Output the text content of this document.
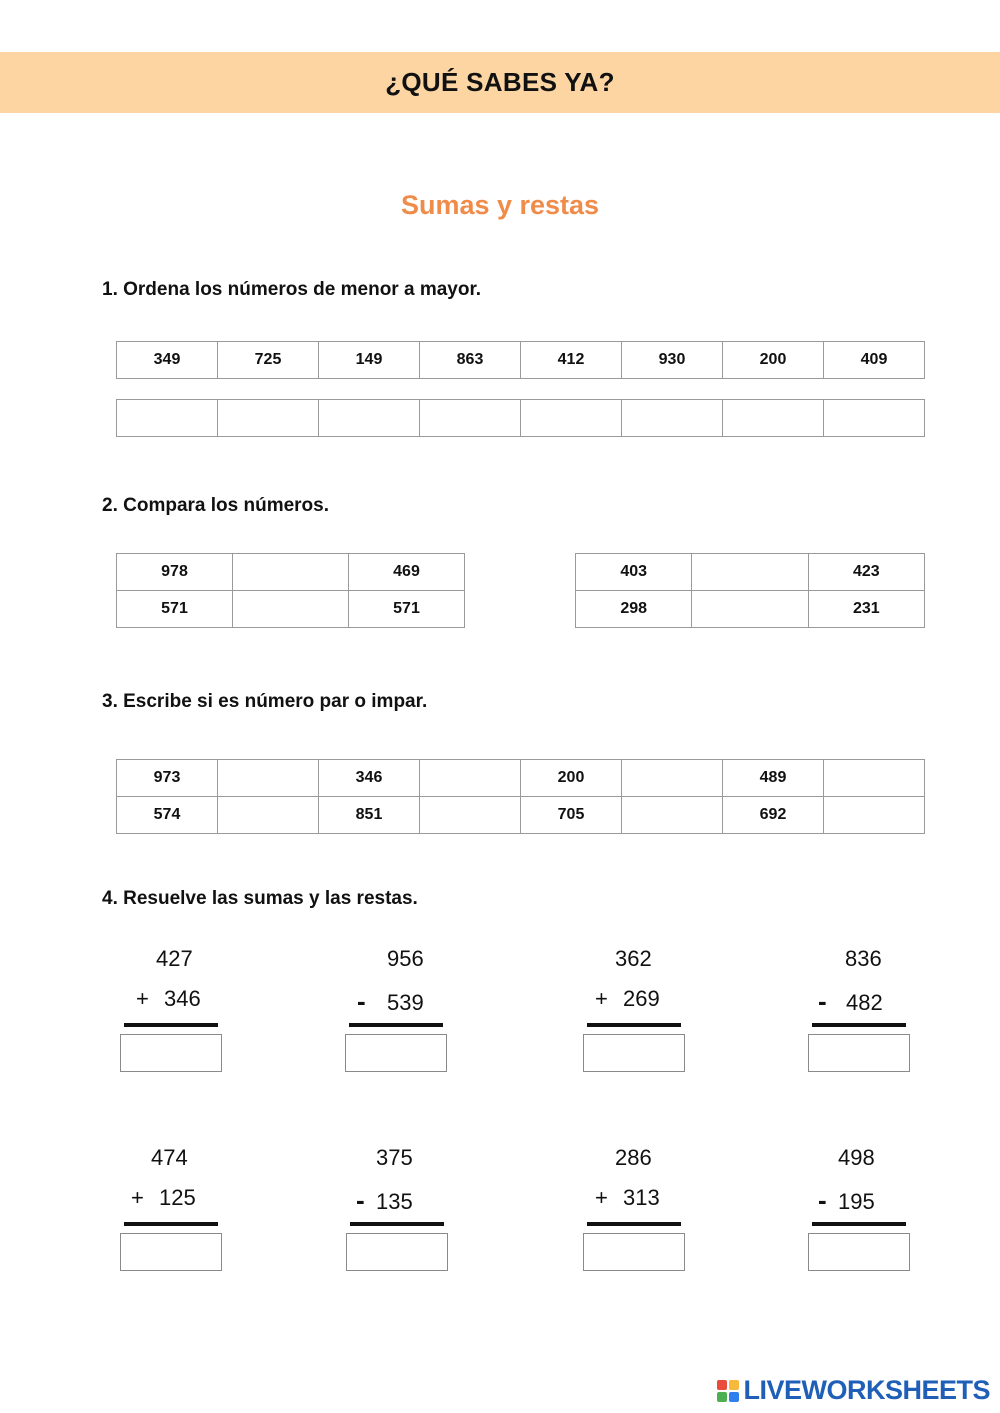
¿QUÉ SABES YA?
Sumas y restas
1. Ordena los números de menor a mayor.
349	725	149	863	412	930	200	409

2. Compara los números.
978		469
571		571
403		423
298		231
3. Escribe si es número par o impar.
973		346		200		489	
574		851		705		692	
4. Resuelve las sumas y las restas.
427
+ 346
956
- 539
362
+ 269
836
- 482
474
+ 125
375
- 135
286
+ 313
498
- 195
LIVEWORKSHEETS
